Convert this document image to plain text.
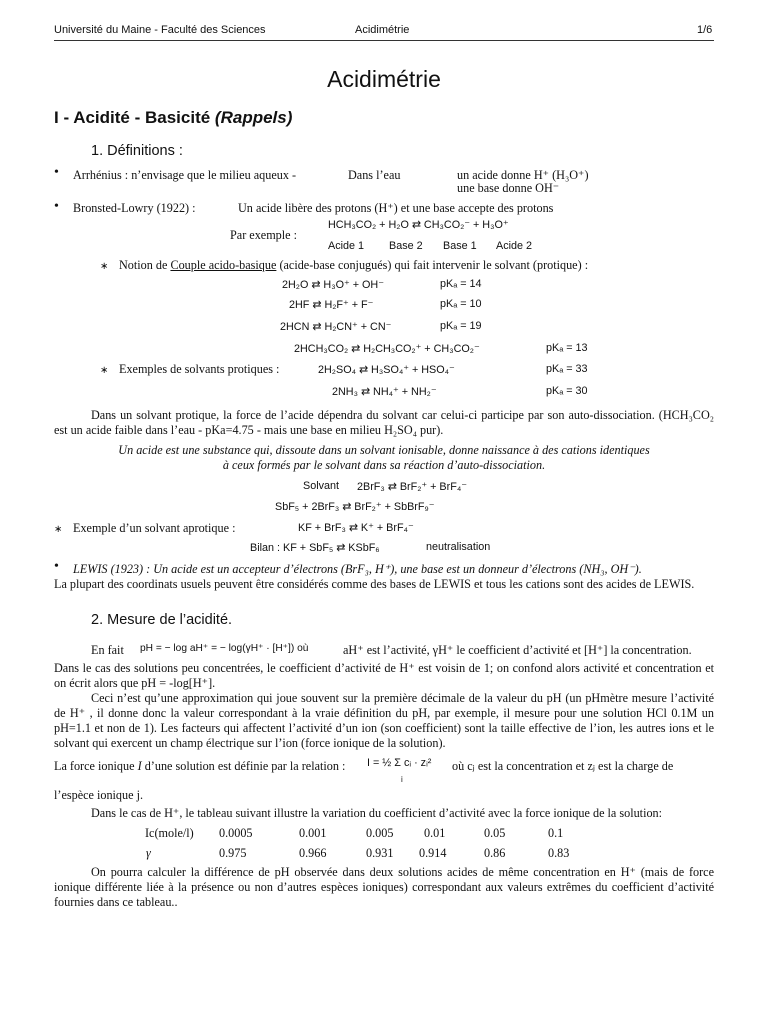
Université du Maine - Faculté des Sciences	Acidimétrie	1/6
Acidimétrie
I - Acidité - Basicité (Rappels)
1. Définitions :
• Arrhénius : n’envisage que le milieu aqueux -	Dans l’eau	un acide donne H⁺ (H₃O⁺)
une base donne OH⁻
• Bronsted-Lowry (1922) :	Un acide libère des protons (H⁺) et une base accepte des protons
HCH₃CO₂ + H₂O ⇄ CH₃CO₂⁻ + H₃O⁺
Par exemple :
Acide 1 Base 2 Base 1 Acide 2
∗ Notion de Couple acido-basique (acide-base conjugués) qui fait intervenir le solvant (protique) :
2H₂O ⇄ H₃O⁺ + OH⁻	pKₐ = 14
2HF ⇄ H₂F⁺ + F⁻	pKₐ = 10
2HCN ⇄ H₂CN⁺ + CN⁻	pKₐ = 19
2HCH₃CO₂ ⇄ H₂CH₃CO₂⁺ + CH₃CO₂⁻	pKₐ = 13
∗ Exemples de solvants protiques :	2H₂SO₄ ⇄ H₃SO₄⁺ + HSO₄⁻	pKₐ = 33
2NH₃ ⇄ NH₄⁺ + NH₂⁻	pKₐ = 30
Dans un solvant protique, la force de l’acide dépendra du solvant car celui-ci participe par son auto-dissociation. (HCH₃CO₂ est un acide faible dans l’eau - pKa=4.75 - mais une base en milieu H₂SO₄ pur).
Un acide est une substance qui, dissoute dans un solvant ionisable, donne naissance à des cations identiques
à ceux formés par le solvant dans sa réaction d’auto-dissociation.
Solvant 2BrF₃ ⇄ BrF₂⁺ + BrF₄⁻
SbF₅ + 2BrF₃ ⇄ BrF₂⁺ + SbBrF₉⁻
∗ Exemple d’un solvant aprotique :	KF + BrF₃ ⇄ K⁺ + BrF₄⁻
Bilan : KF + SbF₅ ⇄ KSbF₆	neutralisation
• LEWIS (1923) : Un acide est un accepteur d’électrons (BrF₃, H⁺), une base est un donneur d’électrons (NH₃, OH⁻).
La plupart des coordinats usuels peuvent être considérés comme des bases de LEWIS et tous les cations sont des acides de LEWIS.
2. Mesure de l’acidité.
En fait pH = − log aH⁺ = − log(γH⁺ · [H⁺]) où	aH⁺ est l’activité, γH⁺ le coefficient d’activité et [H⁺] la concentration.
Dans le cas des solutions peu concentrées, le coefficient d’activité de H⁺ est voisin de 1; on confond alors activité et concentration et on écrit alors que pH = -log[H⁺].
Ceci n’est qu’une approximation qui joue souvent sur la première décimale de la valeur du pH (un pHmètre mesure l’activité de H⁺ , il donne donc la valeur correspondant à la vraie définition du pH, par exemple, il mesure pour une solution HCl 0.1M un pH=1.1 et non de 1). Les facteurs qui affectent l’activité d’un ion (son coefficient) sont la taille effective de l’ion, les autres ions et le solvant qui exercent un champ électrique sur l’ion (force ionique de la solution).
La force ionique I d’une solution est définie par la relation : I = ½ Σ cᵢ · zᵢ²
i
où cⱼ est la concentration et zⱼ est la charge de
l’espèce ionique j.
Dans le cas de H⁺, le tableau suivant illustre la variation du coefficient d’activité avec la force ionique de la solution:
Ic(mole/l) 0.0005	0.001	0.005	0.01	0.05	0.1
γ	0.975	0.966	0.931 0.914	0.86	0.83
On pourra calculer la différence de pH observée dans deux solutions acides de même concentration en H⁺ (mais de force ionique différente liée à la présence ou non d’autres espèces ioniques) correspondant aux valeurs extrêmes du coefficient d’activité fournies dans ce tableau..
